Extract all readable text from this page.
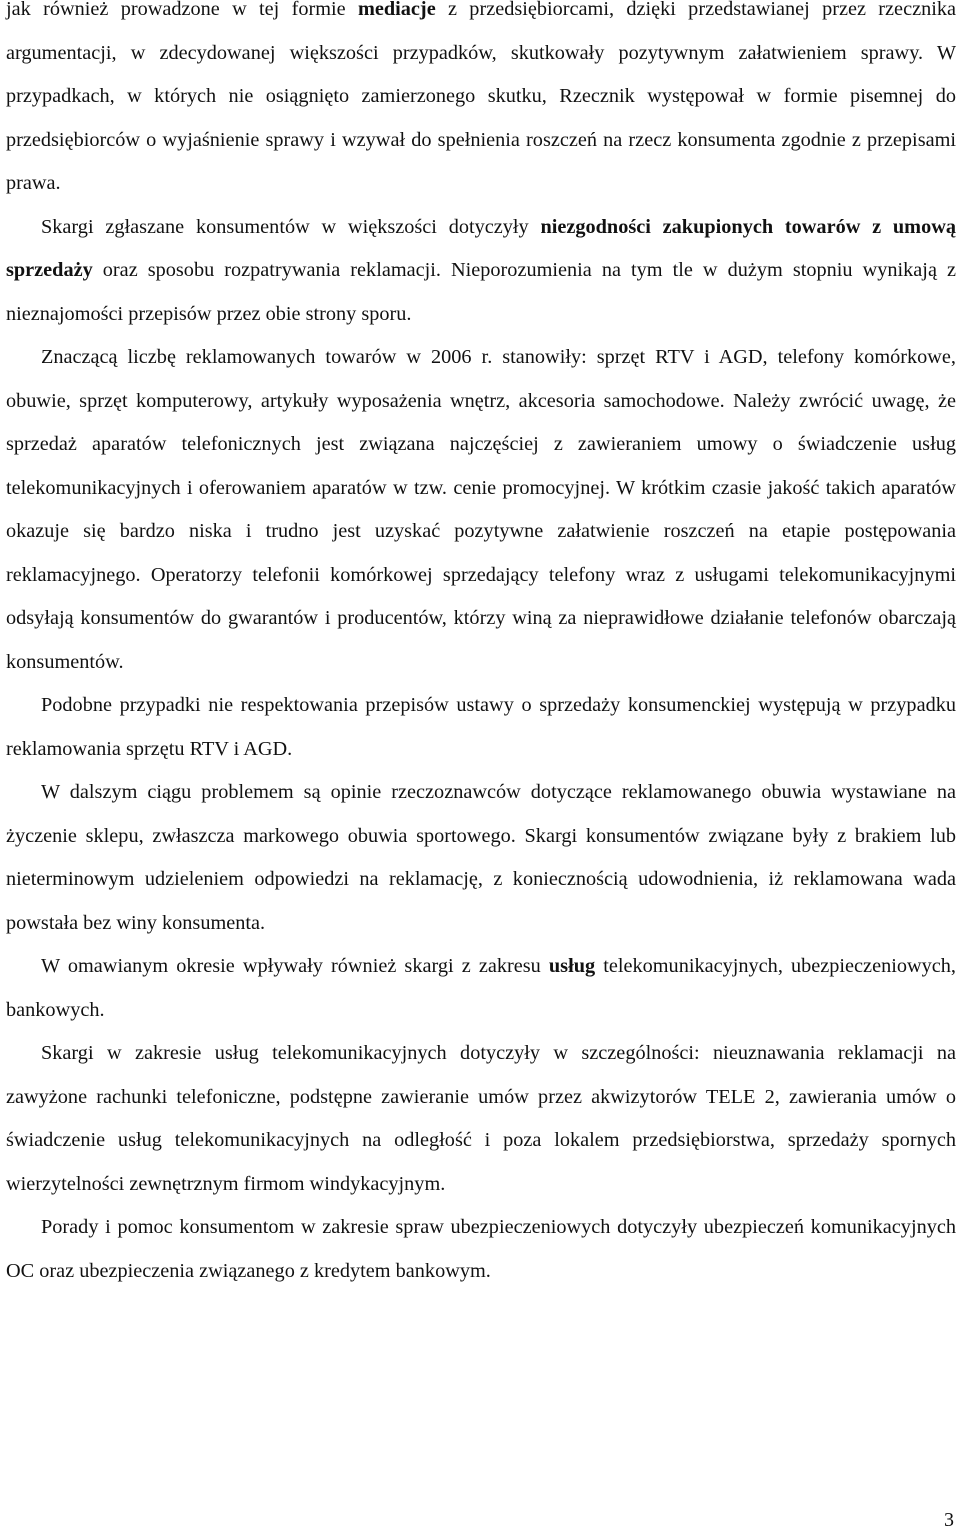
jak również prowadzone w tej formie mediacje z przedsiębiorcami, dzięki przedstawianej przez rzecznika argumentacji, w zdecydowanej większości przypadków, skutkowały pozytywnym załatwieniem sprawy. W przypadkach, w których nie osiągnięto zamierzonego skutku, Rzecznik występował w formie pisemnej do przedsiębiorców o wyjaśnienie sprawy i wzywał do spełnienia roszczeń na rzecz konsumenta zgodnie z przepisami prawa.

Skargi zgłaszane konsumentów w większości dotyczyły niezgodności zakupionych towarów z umową sprzedaży oraz sposobu rozpatrywania reklamacji. Nieporozumienia na tym tle w dużym stopniu wynikają z nieznajomości przepisów przez obie strony sporu.

Znaczącą liczbę reklamowanych towarów w 2006 r. stanowiły: sprzęt RTV i AGD, telefony komórkowe, obuwie, sprzęt komputerowy, artykuły wyposażenia wnętrz, akcesoria samochodowe. Należy zwrócić uwagę, że sprzedaż aparatów telefonicznych jest związana najczęściej z zawieraniem umowy o świadczenie usług telekomunikacyjnych i oferowaniem aparatów w tzw. cenie promocyjnej. W krótkim czasie jakość takich aparatów okazuje się bardzo niska i trudno jest uzyskać pozytywne załatwienie roszczeń na etapie postępowania reklamacyjnego. Operatorzy telefonii komórkowej sprzedający telefony wraz z usługami telekomunikacyjnymi odsyłają konsumentów do gwarantów i producentów, którzy winą za nieprawidłowe działanie telefonów obarczają konsumentów.

Podobne przypadki nie respektowania przepisów ustawy o sprzedaży konsumenckiej występują w przypadku reklamowania sprzętu RTV i AGD.

W dalszym ciągu problemem są opinie rzeczoznawców dotyczące reklamowanego obuwia wystawiane na życzenie sklepu, zwłaszcza markowego obuwia sportowego. Skargi konsumentów związane były z brakiem lub nieterminowym udzieleniem odpowiedzi na reklamację, z koniecznością udowodnienia, iż reklamowana wada powstała bez winy konsumenta.

W omawianym okresie wpływały również skargi z zakresu usług telekomunikacyjnych, ubezpieczeniowych, bankowych.

Skargi w zakresie usług telekomunikacyjnych dotyczyły w szczególności: nieuznawania reklamacji na zawyżone rachunki telefoniczne, podstępne zawieranie umów przez akwizytorów TELE 2, zawierania umów o świadczenie usług telekomunikacyjnych na odległość i poza lokalem przedsiębiorstwa, sprzedaży spornych wierzytelności zewnętrznym firmom windykacyjnym.

Porady i pomoc konsumentom w zakresie spraw ubezpieczeniowych dotyczyły ubezpieczeń komunikacyjnych OC oraz ubezpieczenia związanego z kredytem bankowym.

3
